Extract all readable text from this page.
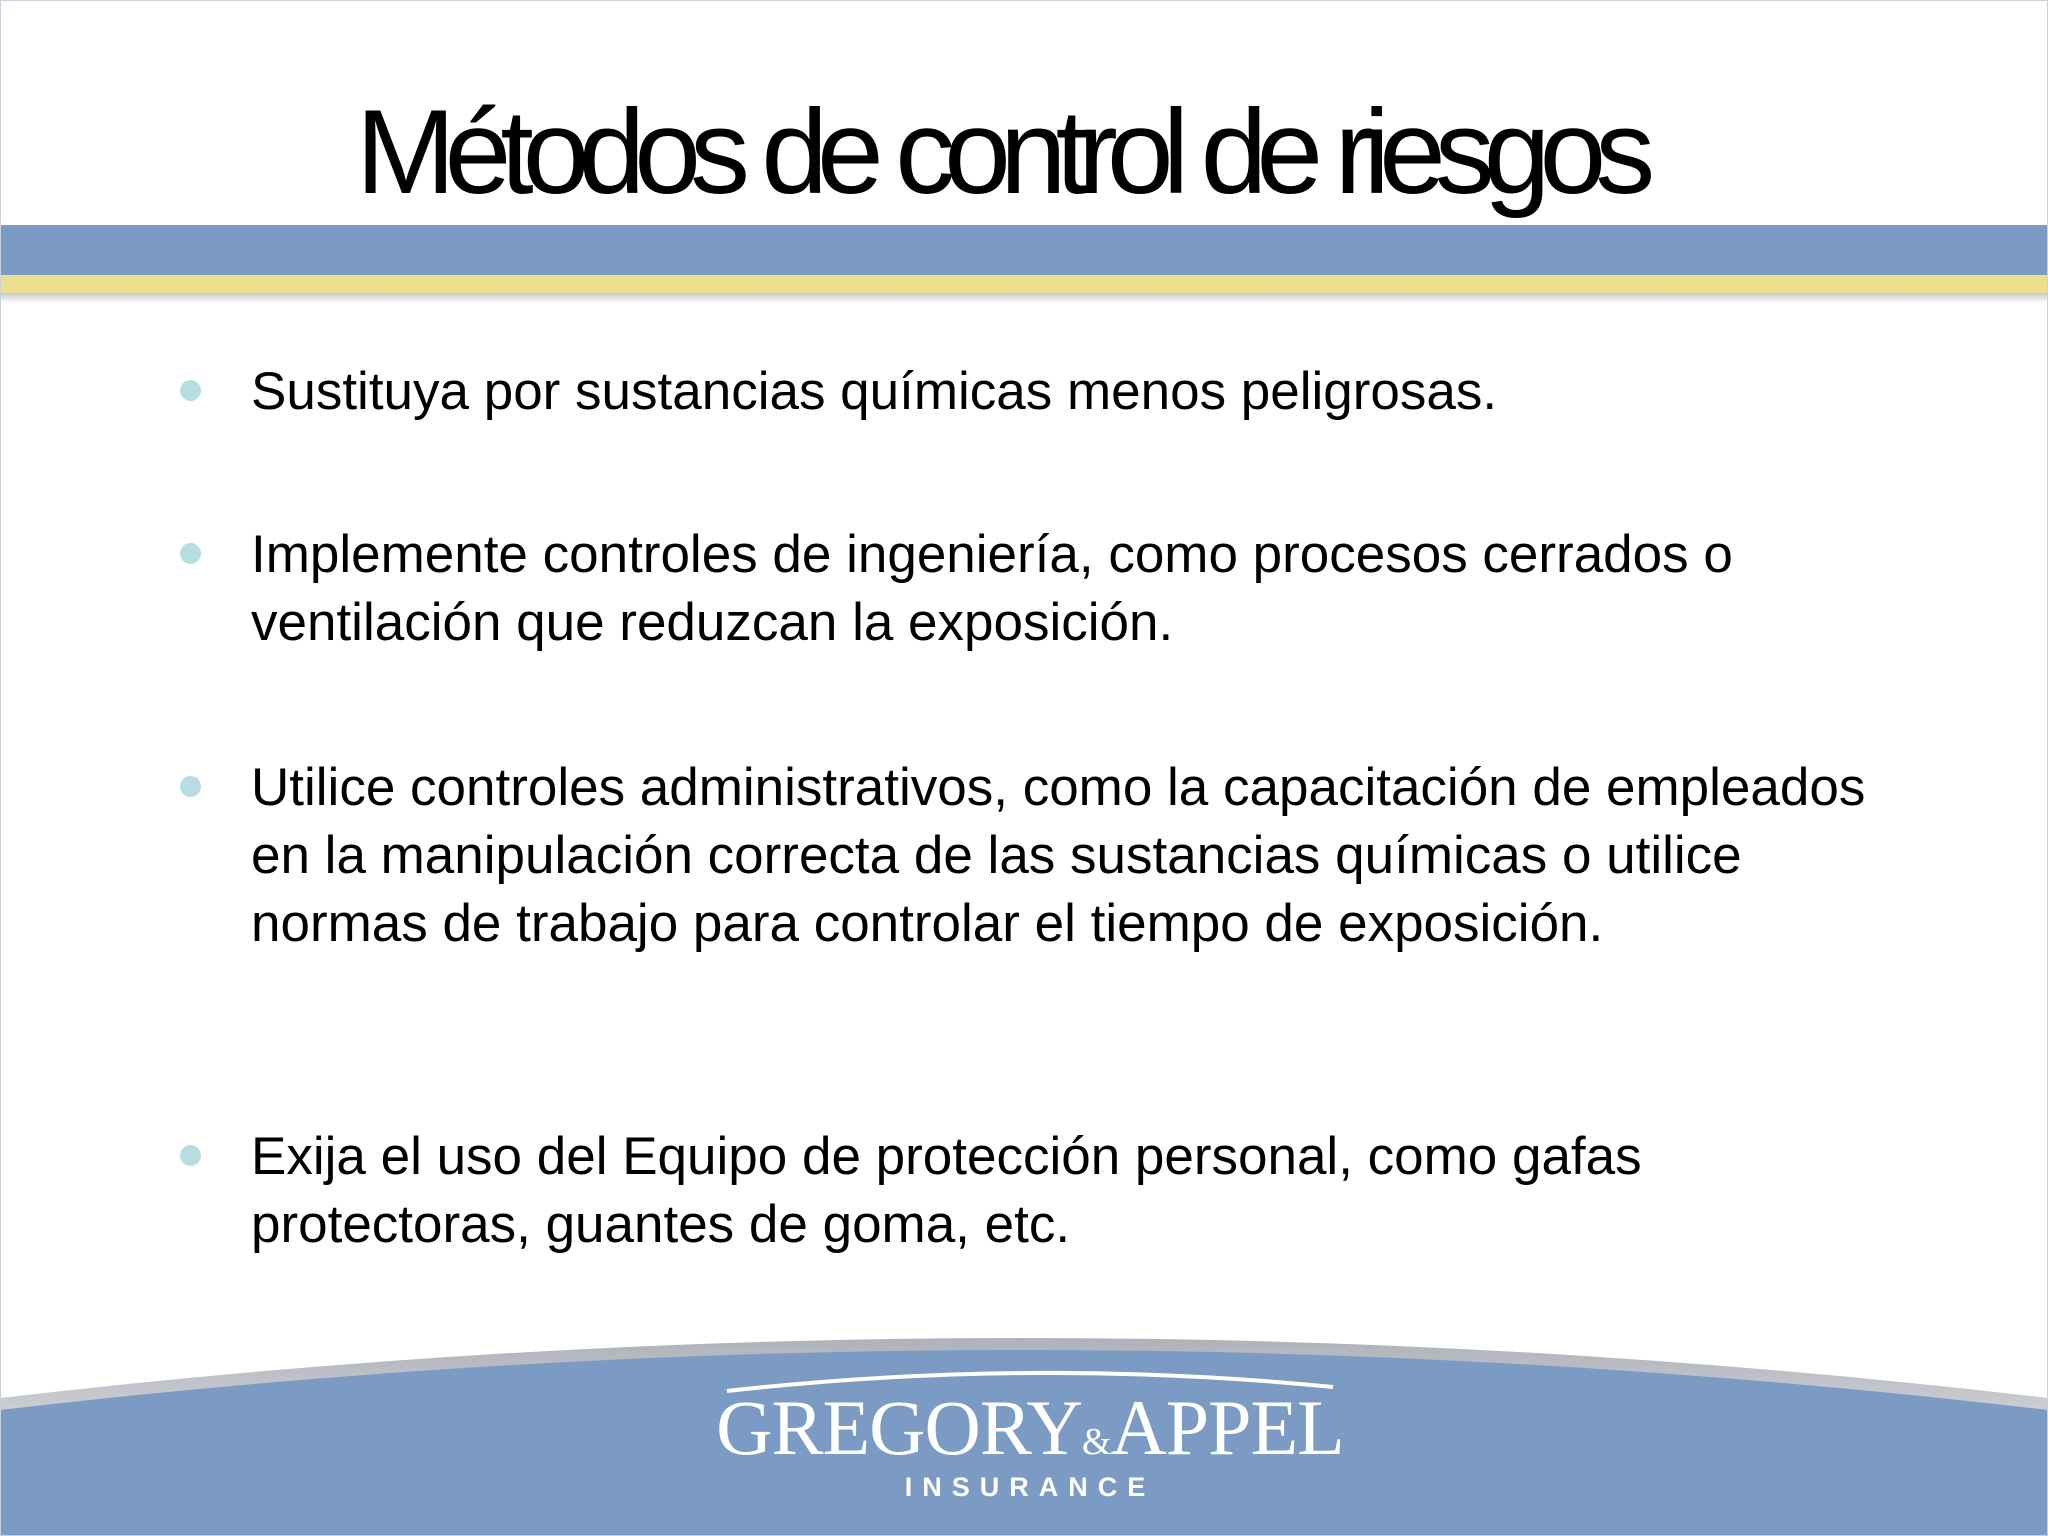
Métodos de control de riesgos
Sustituya por sustancias químicas menos peligrosas.
Implemente controles de ingeniería, como procesos cerrados o ventilación que reduzcan la exposición.
Utilice controles administrativos, como la capacitación de empleados en la manipulación correcta de las sustancias químicas o utilice normas de trabajo para controlar el tiempo de exposición.
Exija el uso del Equipo de protección personal, como gafas protectoras, guantes de goma, etc.
GREGORY&APPEL
INSURANCE
